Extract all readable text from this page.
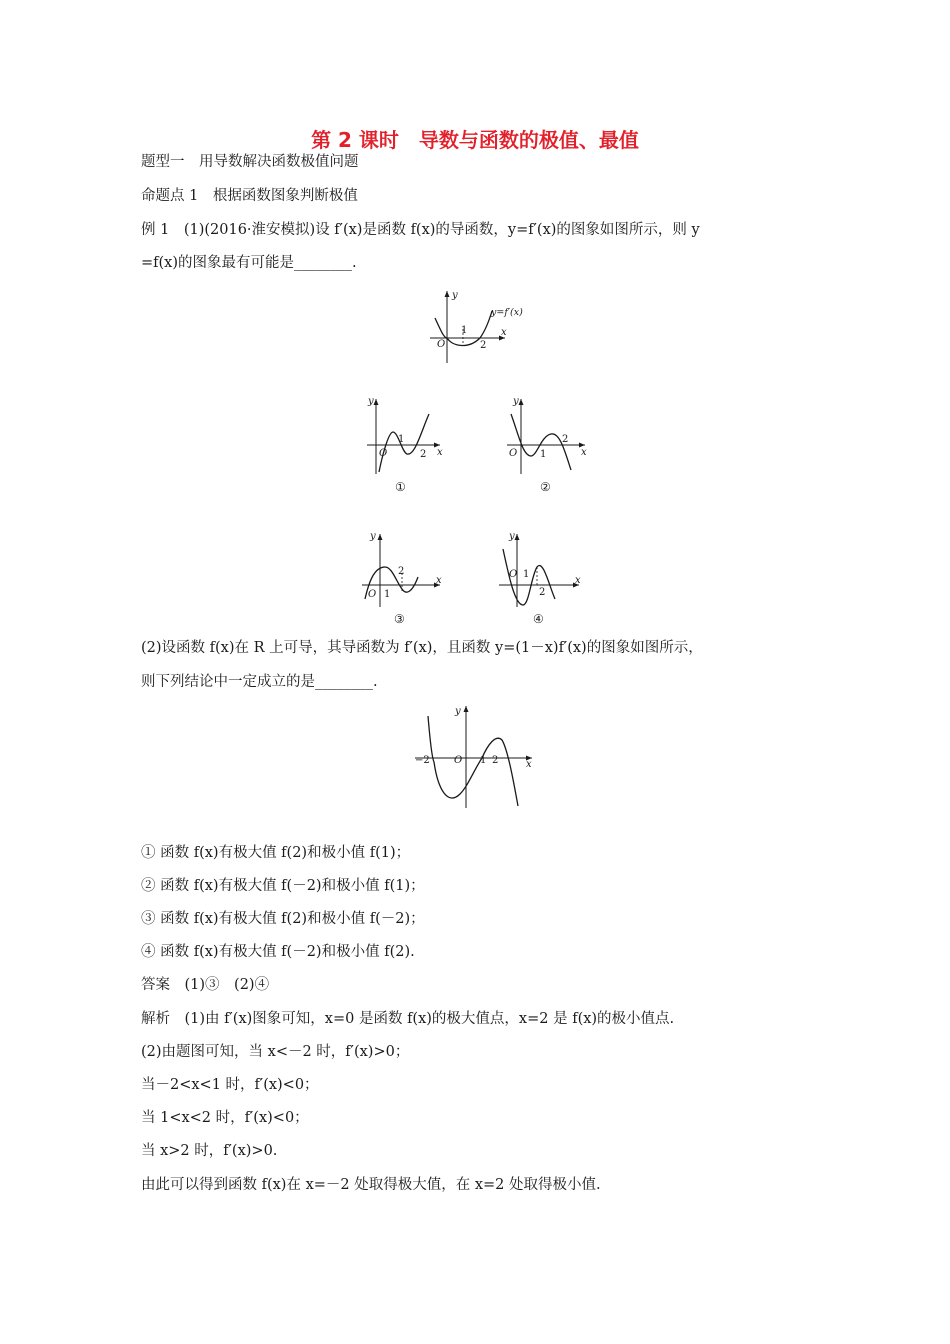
第 2 课时　导数与函数的极值、最值
题型一　用导数解决函数极值问题
命题点 1　根据函数图象判断极值
例 1　(1)(2016·淮安模拟)设 f′(x)是函数 f(x)的导函数，y=f′(x)的图象如图所示，则 y
=f(x)的图象最有可能是________.
y
x
O
1
2
y=f′(x)
y
x
O
1
2
①
y
x
O 1
2
②
y
x
O 1
2
③
y
x
O 1
2
④
(2)设函数 f(x)在 R 上可导，其导函数为 f′(x)，且函数 y=(1－x)f′(x)的图象如图所示，
则下列结论中一定成立的是________.
y
x
O
−2	1 2
① 函数 f(x)有极大值 f(2)和极小值 f(1)；
② 函数 f(x)有极大值 f(－2)和极小值 f(1)；
③ 函数 f(x)有极大值 f(2)和极小值 f(－2)；
④ 函数 f(x)有极大值 f(－2)和极小值 f(2).
答案　(1)③　(2)④
解析　(1)由 f′(x)图象可知，x=0 是函数 f(x)的极大值点，x=2 是 f(x)的极小值点.
(2)由题图可知，当 x<－2 时，f′(x)>0；
当－2<x<1 时，f′(x)<0；
当 1<x<2 时，f′(x)<0；
当 x>2 时，f′(x)>0.
由此可以得到函数 f(x)在 x=－2 处取得极大值，在 x=2 处取得极小值.
